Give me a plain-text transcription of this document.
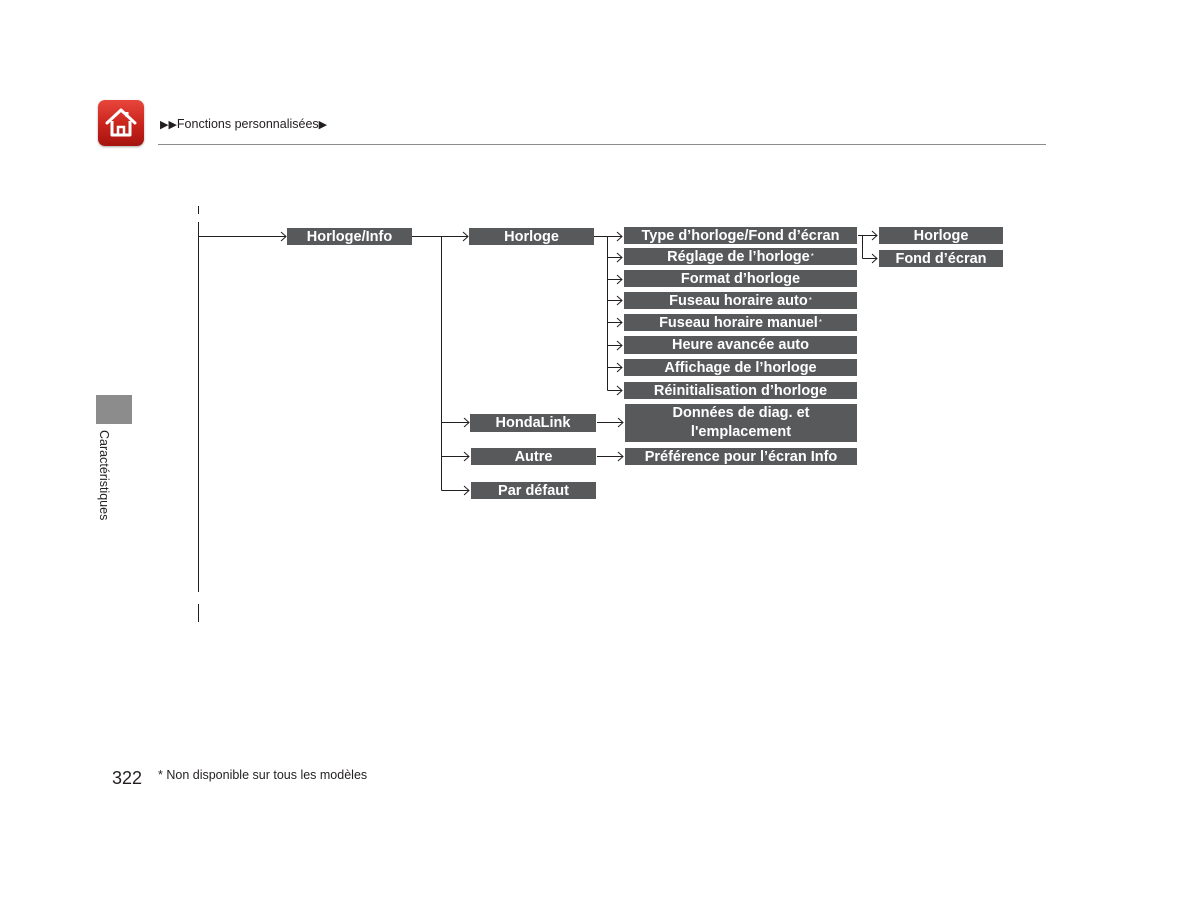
▶▶Fonctions personnalisées▶
Caractéristiques
Horloge/Info	Horloge
HondaLink
Autre
Par défaut
Type d’horloge/Fond d’écran
Réglage de l’horloge *
Format d’horloge
Fuseau horaire auto *
Fuseau horaire manuel *
Heure avancée auto
Affichage de l’horloge
Réinitialisation d’horloge
Données de diag. et l'emplacement
Préférence pour l’écran Info
Horloge
Fond d’écran
322 * Non disponible sur tous les modèles
